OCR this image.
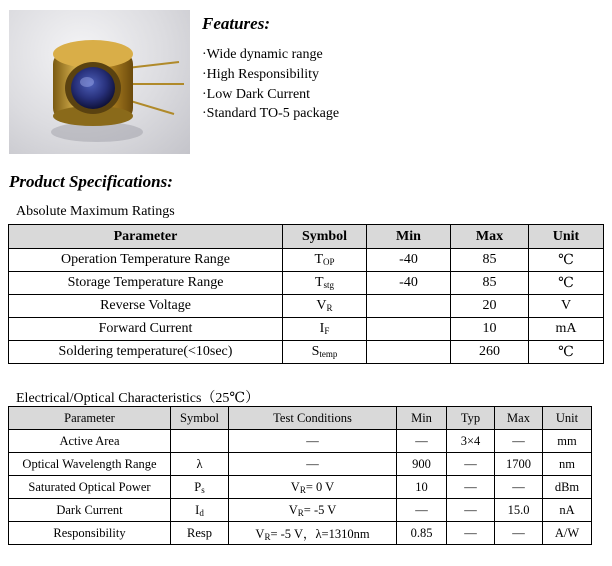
Features:
·Wide dynamic range
·High Responsibility
·Low Dark Current
·Standard TO-5 package
Product Specifications:
Absolute Maximum Ratings
Parameter	Symbol	Min	Max	Unit
Operation Temperature Range	$T_{OP}$	-40	85	℃
Storage Temperature Range	$T_{stg}$	-40	85	℃
Reverse Voltage	$V_R$		20	V
Forward Current	$I_F$		10	mA
Soldering temperature(<10sec)	$S_{temp}$		260	℃
Electrical/Optical Characteristics（25℃）
Parameter	Symbol	Test Conditions	Min	Typ	Max	Unit
Active Area		—	—	3×4	—	mm
Optical Wavelength Range	λ	—	900	—	1700	nm
Saturated Optical Power	$P_s$	$V_R= 0$ V	10	—	—	dBm
Dark Current	$I_d$	$V_R= -5$ V	—	—	15.0	nA
Responsibility	Resp	$V_R= -5$ V，λ=1310nm	0.85	—	—	A/W
